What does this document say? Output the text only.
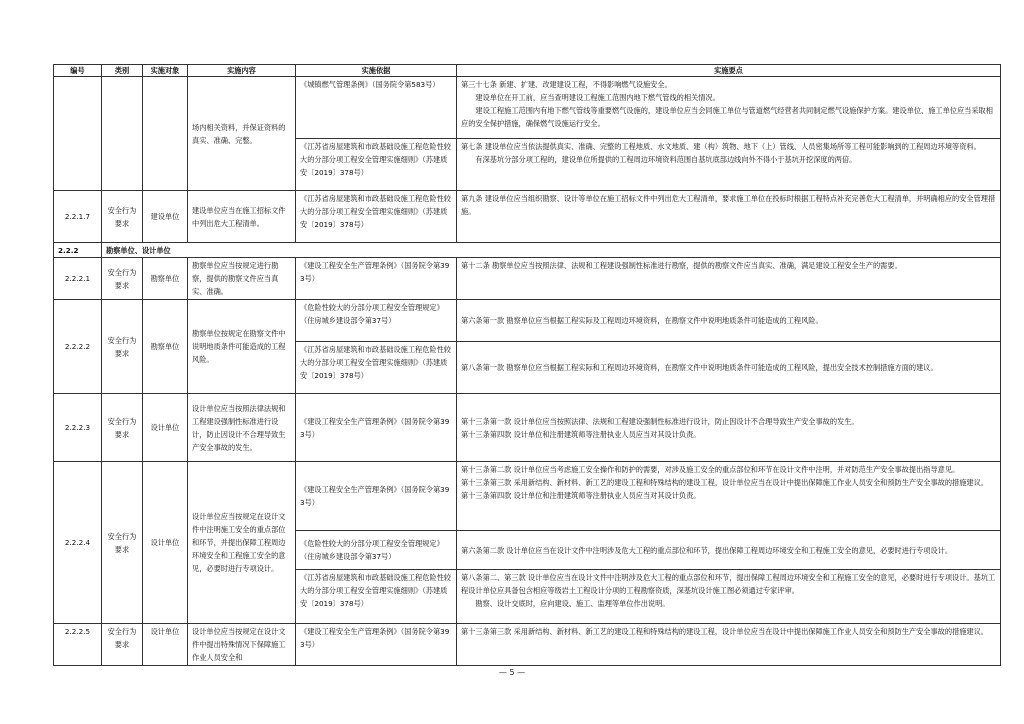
编号	类别	实施对象	实施内容	实施依据	实施要点
			场内相关资料，并保证资料的真实、准确、完整。	《城镇燃气管理条例》（国务院令第583号）	第三十七条 新建、扩建、改建建设工程，不得影响燃气设施安全。
建设单位在开工前，应当查明建设工程施工范围内地下燃气管线的相关情况。
建设工程施工范围内有地下燃气管线等重要燃气设施的，建设单位应当会同施工单位与管道燃气经营者共同制定燃气设施保护方案。建设单位、施工单位应当采取相应的安全保护措施，确保燃气设施运行安全。

				《江苏省房屋建筑和市政基础设施工程危险性较大的分部分项工程安全管理实施细则》（苏建质安〔2019〕378号）	第七条 建设单位应当依法提供真实、准确、完整的工程地质、水文地质、建（构）筑物、地下（上）管线、人员密集场所等工程可能影响到的工程周边环境等资料。
有深基坑分部分项工程的，建设单位所提供的工程周边环境资料范围自基坑底部边线向外不得小于基坑开挖深度的两倍。

2.2.1.7	安全行为要求	建设单位	建设单位应当在施工招标文件中列出危大工程清单。	《江苏省房屋建筑和市政基础设施工程危险性较大的分部分项工程安全管理实施细则》（苏建质安〔2019〕378号）	第九条 建设单位应当组织勘察、设计等单位在施工招标文件中列出危大工程清单，要求施工单位在投标时根据工程特点补充完善危大工程清单，并明确相应的安全管理措施。
2.2.2	勘察单位、设计单位				
2.2.2.1	安全行为要求	勘察单位	勘察单位应当按规定进行勘察，提供的勘察文件应当真实、准确。	《建设工程安全生产管理条例》（国务院令第393号）	第十二条 勘察单位应当按照法律、法规和工程建设强制性标准进行勘察，提供的勘察文件应当真实、准确，满足建设工程安全生产的需要。
2.2.2.2	安全行为要求	勘察单位	勘察单位按规定在勘察文件中说明地质条件可能造成的工程风险。	《危险性较大的分部分项工程安全管理规定》（住房城乡建设部令第37号）	第六条第一款 勘察单位应当根据工程实际及工程周边环境资料，在勘察文件中说明地质条件可能造成的工程风险。
				《江苏省房屋建筑和市政基础设施工程危险性较大的分部分项工程安全管理实施细则》（苏建质安〔2019〕378号）	第八条第一款 勘察单位应当根据工程实际和工程周边环境资料，在勘察文件中说明地质条件可能造成的工程风险，提出安全技术控制措施方面的建议。
2.2.2.3	安全行为要求	设计单位	设计单位应当按照法律法规和工程建设强制性标准进行设计，防止因设计不合理导致生产安全事故的发生。	《建设工程安全生产管理条例》（国务院令第393号）	第十三条第一款 设计单位应当按照法律、法规和工程建设强制性标准进行设计，防止因设计不合理导致生产安全事故的发生。
第十三条第四款 设计单位和注册建筑师等注册执业人员应当对其设计负责。

2.2.2.4	安全行为要求	设计单位	设计单位应当按规定在设计文件中注明施工安全的重点部位和环节，并提出保障工程周边环境安全和工程施工安全的意见，必要时进行专项设计。	《建设工程安全生产管理条例》（国务院令第393号）	第十三条第二款 设计单位应当考虑施工安全操作和防护的需要，对涉及施工安全的重点部位和环节在设计文件中注明，并对防范生产安全事故提出指导意见。
第十三条第三款 采用新结构、新材料、新工艺的建设工程和特殊结构的建设工程，设计单位应当在设计中提出保障施工作业人员安全和预防生产安全事故的措施建议。
第十三条第四款 设计单位和注册建筑师等注册执业人员应当对其设计负责。

				《危险性较大的分部分项工程安全管理规定》（住房城乡建设部令第37号）	第六条第二款 设计单位应当在设计文件中注明涉及危大工程的重点部位和环节，提出保障工程周边环境安全和工程施工安全的意见，必要时进行专项设计。
				《江苏省房屋建筑和市政基础设施工程危险性较大的分部分项工程安全管理实施细则》（苏建质安〔2019〕378号）	第八条第二、第三款 设计单位应当在设计文件中注明涉及危大工程的重点部位和环节，提出保障工程周边环境安全和工程施工安全的意见，必要时进行专项设计。基坑工程设计单位应具备包含相应等级岩土工程设计分项的工程勘察资质，深基坑设计施工图必须通过专家评审。
勘察、设计交底时，应向建设、施工、监理等单位作出说明。

2.2.2.5	安全行为要求	设计单位	设计单位应当按规定在设计文件中提出特殊情况下保障施工作业人员安全和	《建设工程安全生产管理条例》（国务院令第393号）	第十三条第三款 采用新结构、新材料、新工艺的建设工程和特殊结构的建设工程，设计单位应当在设计中提出保障施工作业人员安全和预防生产安全事故的措施建议。
— 5 —
